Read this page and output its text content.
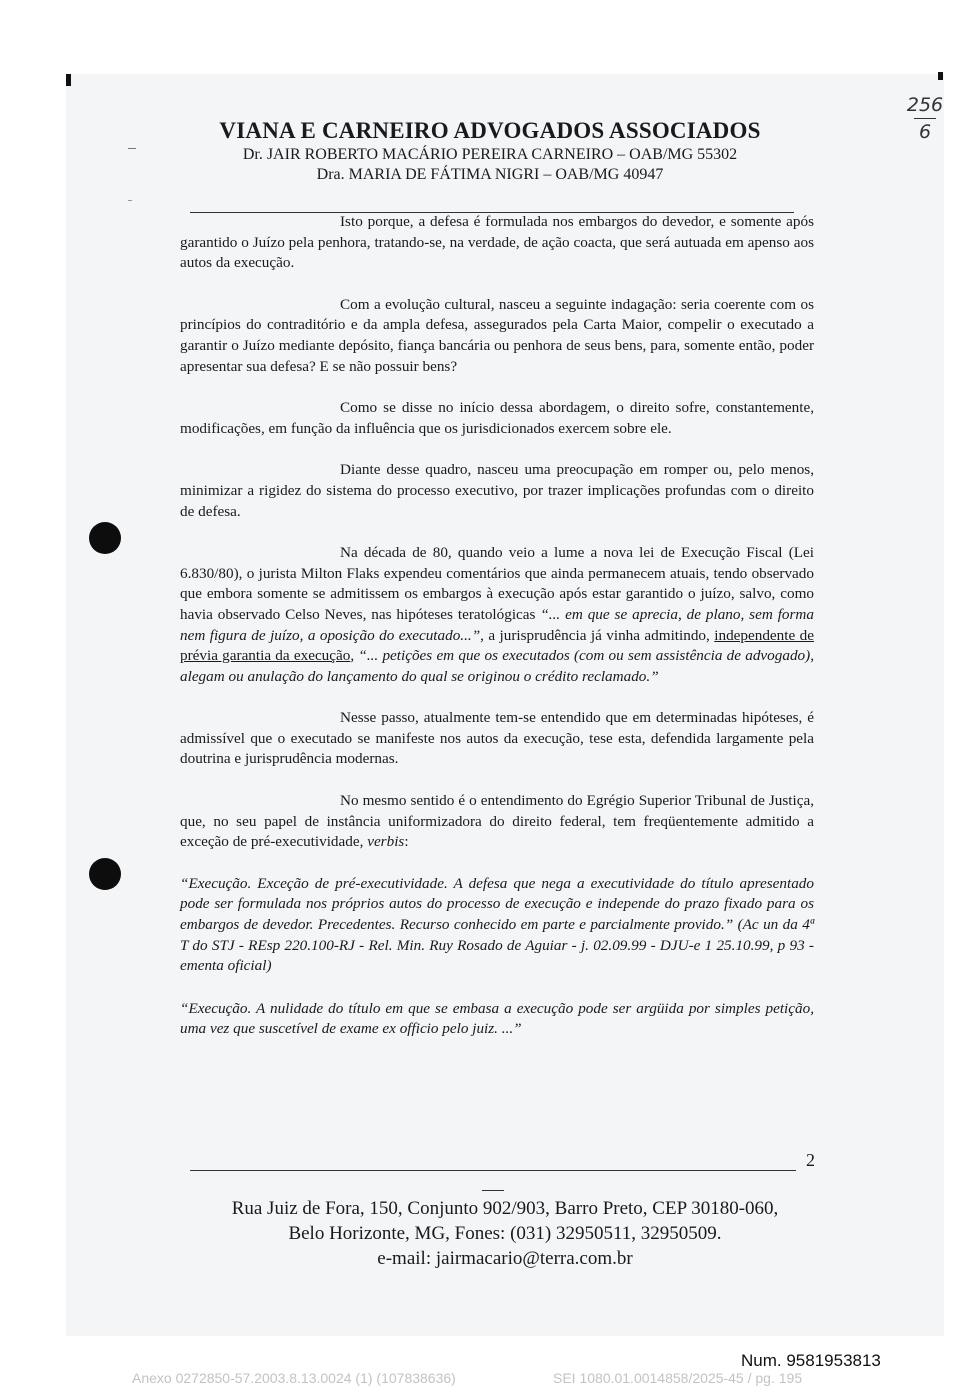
256
6
VIANA E CARNEIRO ADVOGADOS ASSOCIADOS
Dr. JAIR ROBERTO MACÁRIO PEREIRA CARNEIRO – OAB/MG 55302
Dra. MARIA DE FÁTIMA NIGRI – OAB/MG 40947

Isto porque, a defesa é formulada nos embargos do devedor, e somente após garantido o Juízo pela penhora, tratando-se, na verdade, de ação coacta, que será autuada em apenso aos autos da execução.

Com a evolução cultural, nasceu a seguinte indagação: seria coerente com os princípios do contraditório e da ampla defesa, assegurados pela Carta Maior, compelir o executado a garantir o Juízo mediante depósito, fiança bancária ou penhora de seus bens, para, somente então, poder apresentar sua defesa? E se não possuir bens?

Como se disse no início dessa abordagem, o direito sofre, constantemente, modificações, em função da influência que os jurisdicionados exercem sobre ele.

Diante desse quadro, nasceu uma preocupação em romper ou, pelo menos, minimizar a rigidez do sistema do processo executivo, por trazer implicações profundas com o direito de defesa.

Na década de 80, quando veio a lume a nova lei de Execução Fiscal (Lei 6.830/80), o jurista Milton Flaks expendeu comentários que ainda permanecem atuais, tendo observado que embora somente se admitissem os embargos à execução após estar garantido o juízo, salvo, como havia observado Celso Neves, nas hipóteses teratológicas “... em que se aprecia, de plano, sem forma nem figura de juízo, a oposição do executado...”, a jurisprudência já vinha admitindo, independente de prévia garantia da execução, “... petições em que os executados (com ou sem assistência de advogado), alegam ou anulação do lançamento do qual se originou o crédito reclamado.”

Nesse passo, atualmente tem-se entendido que em determinadas hipóteses, é admissível que o executado se manifeste nos autos da execução, tese esta, defendida largamente pela doutrina e jurisprudência modernas.

No mesmo sentido é o entendimento do Egrégio Superior Tribunal de Justiça, que, no seu papel de instância uniformizadora do direito federal, tem freqüentemente admitido a exceção de pré-executividade, verbis:

“Execução. Exceção de pré-executividade. A defesa que nega a executividade do título apresentado pode ser formulada nos próprios autos do processo de execução e independe do prazo fixado para os embargos de devedor. Precedentes. Recurso conhecido em parte e parcialmente provido.” (Ac un da 4ª T do STJ - REsp 220.100-RJ - Rel. Min. Ruy Rosado de Aguiar - j. 02.09.99 - DJU-e 1 25.10.99, p 93 - ementa oficial)

“Execução. A nulidade do título em que se embasa a execução pode ser argüida por simples petição, uma vez que suscetível de exame ex officio pelo juiz. ...”

2
Rua Juiz de Fora, 150, Conjunto 902/903, Barro Preto, CEP 30180-060,
Belo Horizonte, MG, Fones: (031) 32950511, 32950509.
e-mail: jairmacario@terra.com.br
Num. 9581953813
Anexo 0272850-57.2003.8.13.0024 (1) (107838636)	SEI 1080.01.0014858/2025-45 / pg. 195
